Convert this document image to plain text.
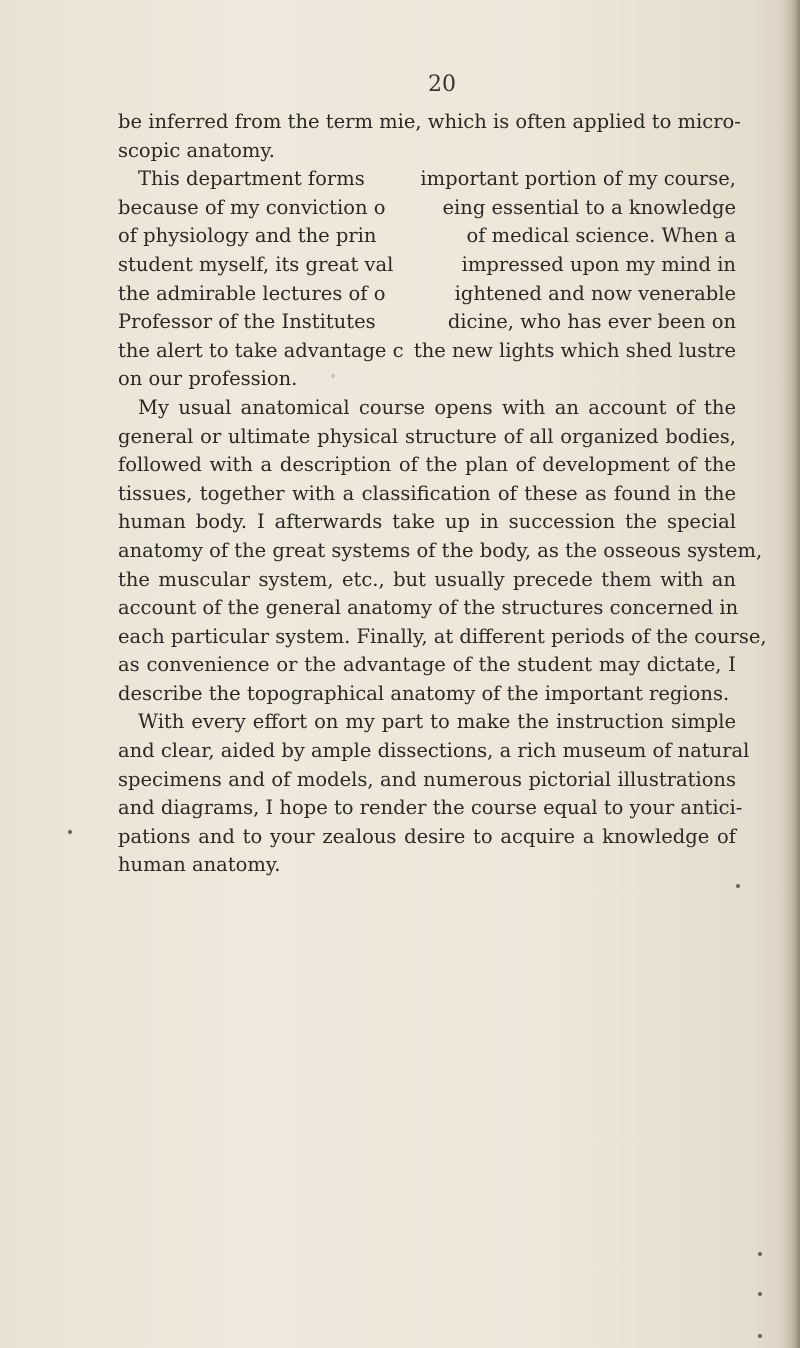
20
be inferred from the term mi e, which is often applied to micro-
scopic anatomy.
This department forms	important portion of my course,
because of my conviction o	eing essential to a knowledge
of physiology and the prin	of medical science. When a
student myself, its great val	impressed upon my mind in
the admirable lectures of o	ightened and now venerable
Professor of the Institutes	dicine, who has ever been on
the alert to take advantage c the new lights which shed lustre
on our profession.
My usual anatomical course opens with an account of the
general or ultimate physical structure of all organized bodies,
followed with a description of the plan of development of the
tissues, together with a classification of these as found in the
human body. I afterwards take up in succession the special
anatomy of the great systems of the body, as the osseous system,
the muscular system, etc., but usually precede them with an
account of the general anatomy of the structures concerned in
each particular system. Finally, at different periods of the course,
as convenience or the advantage of the student may dictate, I
describe the topographical anatomy of the important regions.
With every effort on my part to make the instruction simple
and clear, aided by ample dissections, a rich museum of natural
specimens and of models, and numerous pictorial illustrations
and diagrams, I hope to render the course equal to your antici-
pations and to your zealous desire to acquire a knowledge of
human anatomy.
